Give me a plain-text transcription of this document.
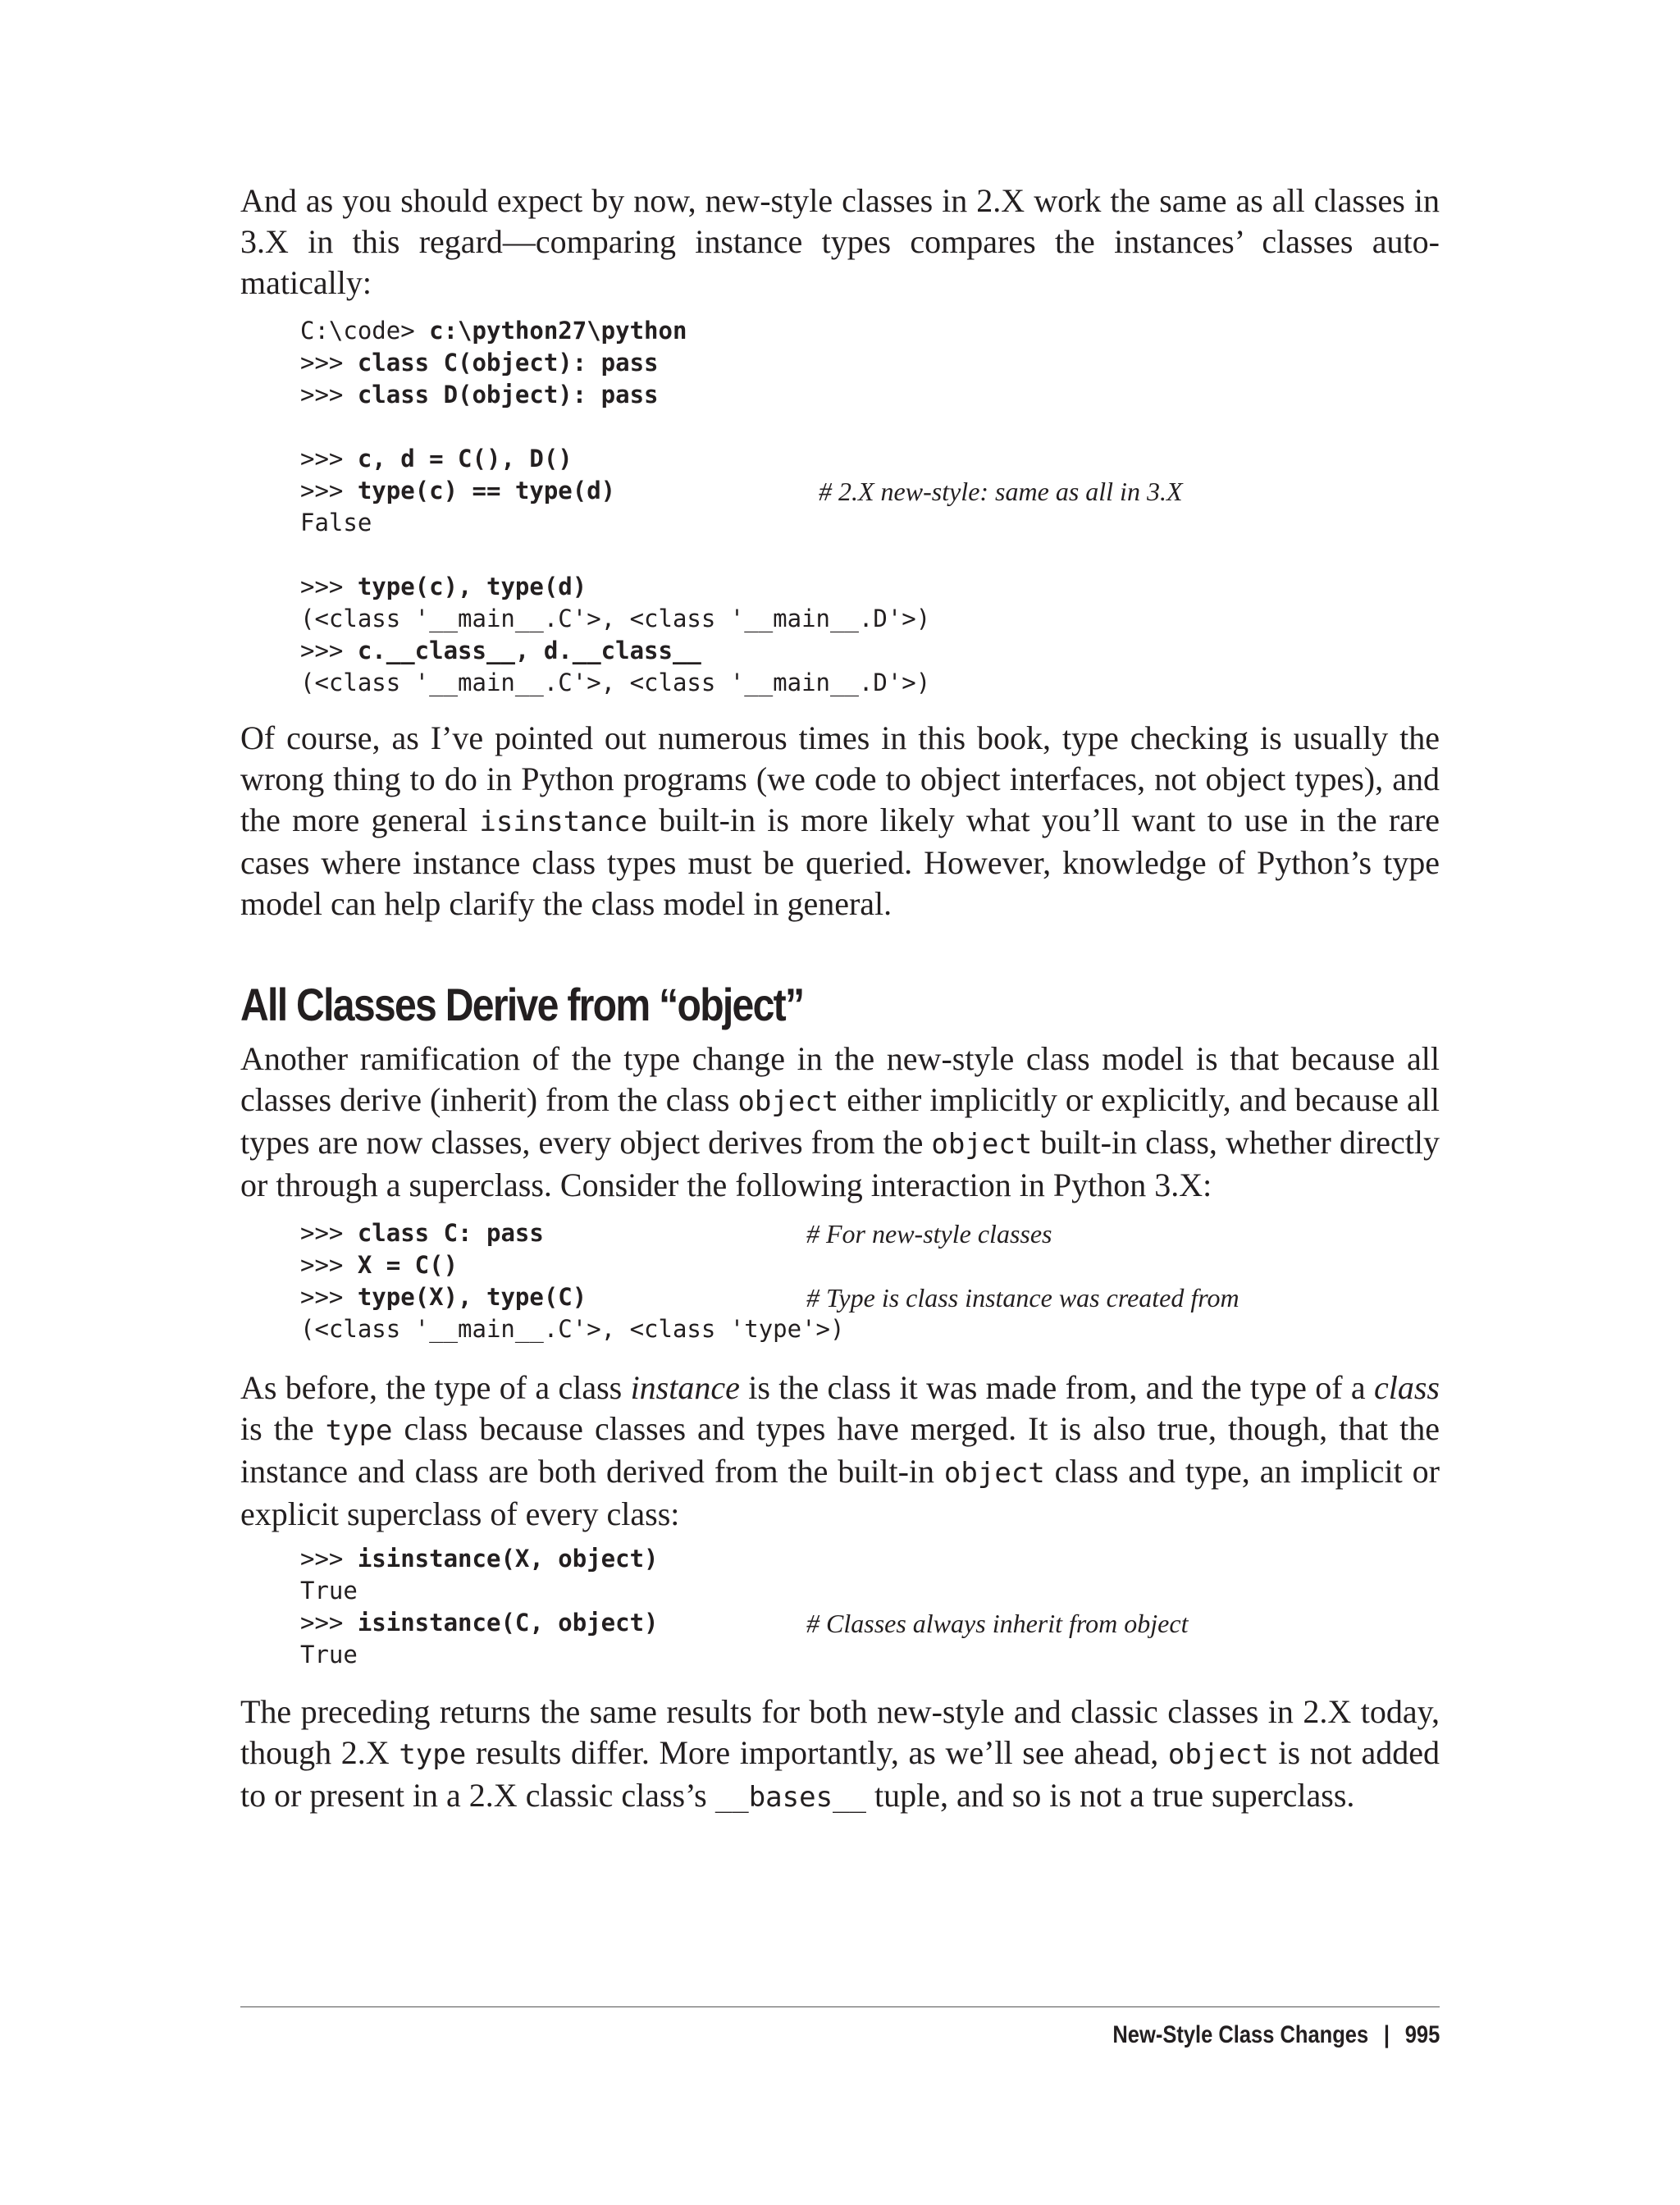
And as you should expect by now, new-style classes in 2.X work the same as all classes in 3.X in this regard—comparing instance types compares the instances’ classes auto-matically:

C:\code> c:\python27\python
>>> class C(object): pass
>>> class D(object): pass
>>> c, d = C(), D()
>>> type(c) == type(d)	# 2.X new-style: same as all in 3.X
False
>>> type(c), type(d)
(<class '__main__.C'>, <class '__main__.D'>)
>>> c.__class__, d.__class__
(<class '__main__.C'>, <class '__main__.D'>)

Of course, as I’ve pointed out numerous times in this book, type checking is usually the wrong thing to do in Python programs (we code to object interfaces, not object types), and the more general isinstance built-in is more likely what you’ll want to use in the rare cases where instance class types must be queried. However, knowledge of Python’s type model can help clarify the class model in general.

All Classes Derive from “object”

Another ramification of the type change in the new-style class model is that because all classes derive (inherit) from the class object either implicitly or explicitly, and because all types are now classes, every object derives from the object built-in class, whether directly or through a superclass. Consider the following interaction in Python 3.X:

>>> class C: pass	# For new-style classes
>>> X = C()
>>> type(X), type(C)	# Type is class instance was created from
(<class '__main__.C'>, <class 'type'>)

As before, the type of a class instance is the class it was made from, and the type of a class is the type class because classes and types have merged. It is also true, though, that the instance and class are both derived from the built-in object class and type, an implicit or explicit superclass of every class:

>>> isinstance(X, object)
True
>>> isinstance(C, object)	# Classes always inherit from object
True

The preceding returns the same results for both new-style and classic classes in 2.X today, though 2.X type results differ. More importantly, as we’ll see ahead, object is not added to or present in a 2.X classic class’s __bases__ tuple, and so is not a true superclass.

New-Style Class Changes | 995
